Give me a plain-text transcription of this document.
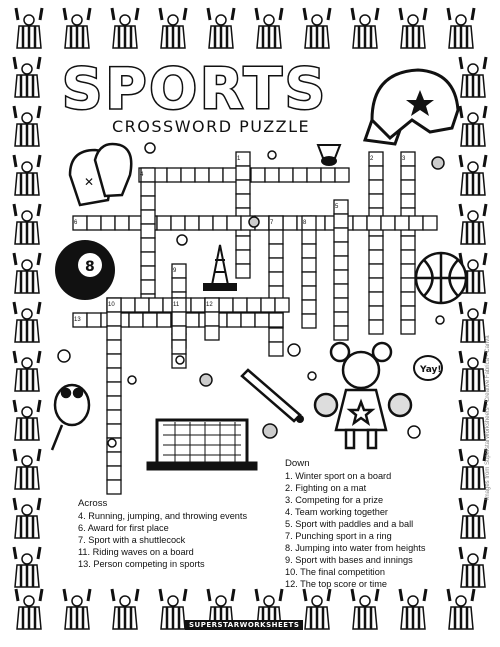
SPORTS
CROSSWORD PUZZLE
1	2	3
4
5
6	7	8
9
10	11	12
13
✕
8
Yay!
Across
4. Running, jumping, and throwing events
6. Award for first place
7. Sport with a shuttlecock
11. Riding waves on a board
13. Person competing in sports
Down
1. Winter sport on a board
2. Fighting on a mat
3. Competing for a prize
4. Team working together
5. Sport with paddles and a ball
7. Punching sport in a ring
8. Jumping into water from heights
9. Sport with bases and innings
10. The final competition
12. The top score or time
Images from SuperstarWorksheets - Creative Fabrica - Canva
SUPERSTARWORKSHEETS
